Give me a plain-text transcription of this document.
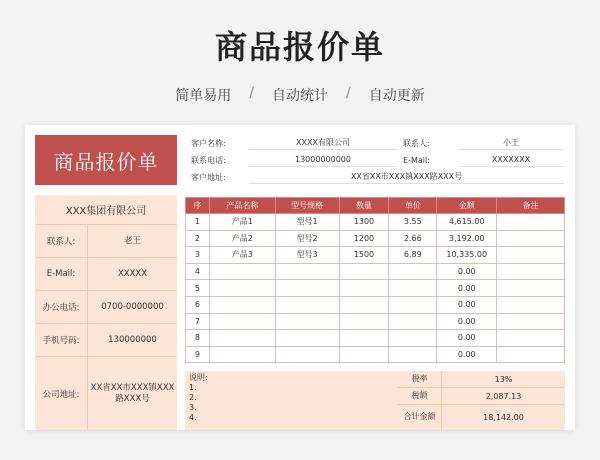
商品报价单
简单易用	/	自动统计	/	自动更新
商品报价单
XXX集团有限公司
联系人:	老王
E-Mail:	XXXXX
办公电话:	0700-0000000
手机号码:	130000000
公司地址:
XX省XX市XXX镇XXX路XXX号
客户名称:	XXXX有限公司
联系电话:	13000000000
客户地址:	XX省XX市XXX镇XXX路XXX号
联系人:	小王
E-Mail:	XXXXXXX
序	产品名称	型号规格	数量	单价	金额	备注
1	产品1	型号1	1300	3.55	4,615.00	
2	产品2	型号2	1200	2.66	3,192.00	
3	产品3	型号3	1500	6.89	10,335.00	
4					0.00	
5					0.00	
6					0.00	
7					0.00	
8					0.00	
9					0.00	
说明:
1.
2.
3.
4.
税率	13%
税额	2,087.13
合计金额	18,142.00
